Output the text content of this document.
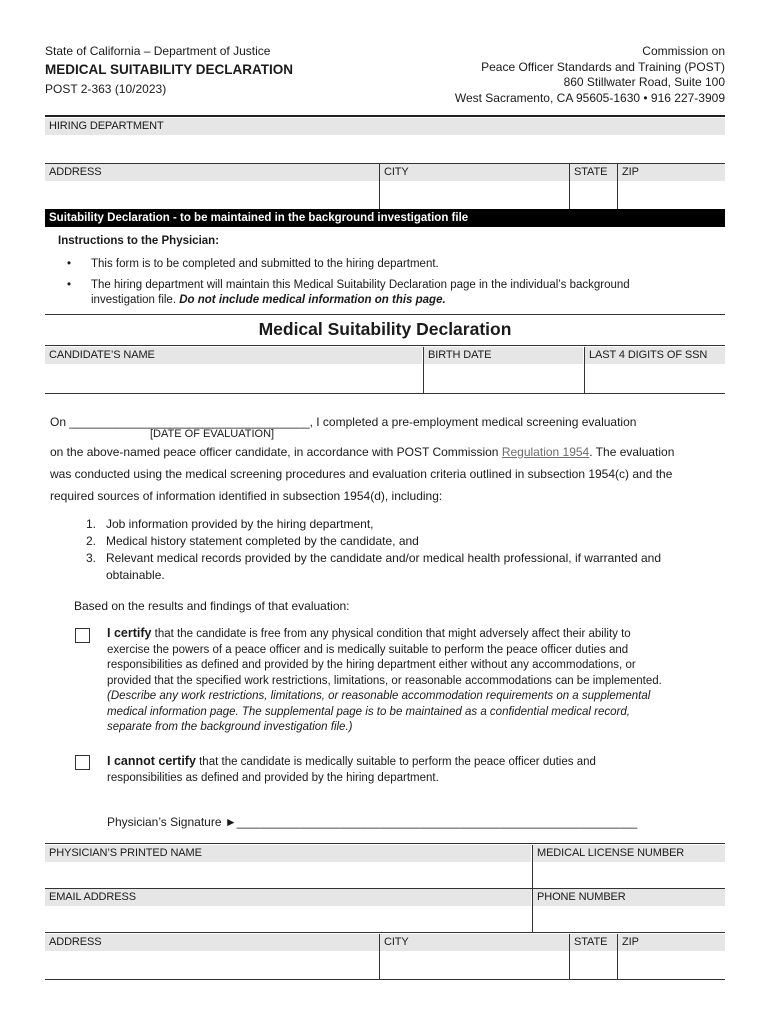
State of California – Department of Justice
MEDICAL SUITABILITY DECLARATION
POST 2-363 (10/2023)
Commission on
Peace Officer Standards and Training (POST)
860 Stillwater Road, Suite 100
West Sacramento, CA 95605-1630 • 916 227-3909
HIRING DEPARTMENT
ADDRESS	CITY	STATE	ZIP
Suitability Declaration - to be maintained in the background investigation file
Instructions to the Physician:
• This form is to be completed and submitted to the hiring department.
• The hiring department will maintain this Medical Suitability Declaration page in the individual’s background
investigation file. Do not include medical information on this page.
Medical Suitability Declaration
CANDIDATE’S NAME	BIRTH DATE	LAST 4 DIGITS OF SSN
On ____________________________________, I completed a pre-employment medical screening evaluation
[DATE OF EVALUATION]
on the above-named peace officer candidate, in accordance with POST Commission Regulation 1954. The evaluation
was conducted using the medical screening procedures and evaluation criteria outlined in subsection 1954(c) and the
required sources of information identified in subsection 1954(d), including:
1. Job information provided by the hiring department,
2. Medical history statement completed by the candidate, and
3. Relevant medical records provided by the candidate and/or medical health professional, if warranted and
obtainable.
Based on the results and findings of that evaluation:
I certify that the candidate is free from any physical condition that might adversely affect their ability to
exercise the powers of a peace officer and is medically suitable to perform the peace officer duties and
responsibilities as defined and provided by the hiring department either without any accommodations, or
provided that the specified work restrictions, limitations, or reasonable accommodations can be implemented.
(Describe any work restrictions, limitations, or reasonable accommodation requirements on a supplemental
medical information page. The supplemental page is to be maintained as a confidential medical record,
separate from the background investigation file.)
I cannot certify that the candidate is medically suitable to perform the peace officer duties and
responsibilities as defined and provided by the hiring department.
Physician’s Signature ►____________________________________________________________
PHYSICIAN’S PRINTED NAME	MEDICAL LICENSE NUMBER
EMAIL ADDRESS	PHONE NUMBER
ADDRESS	CITY	STATE	ZIP
